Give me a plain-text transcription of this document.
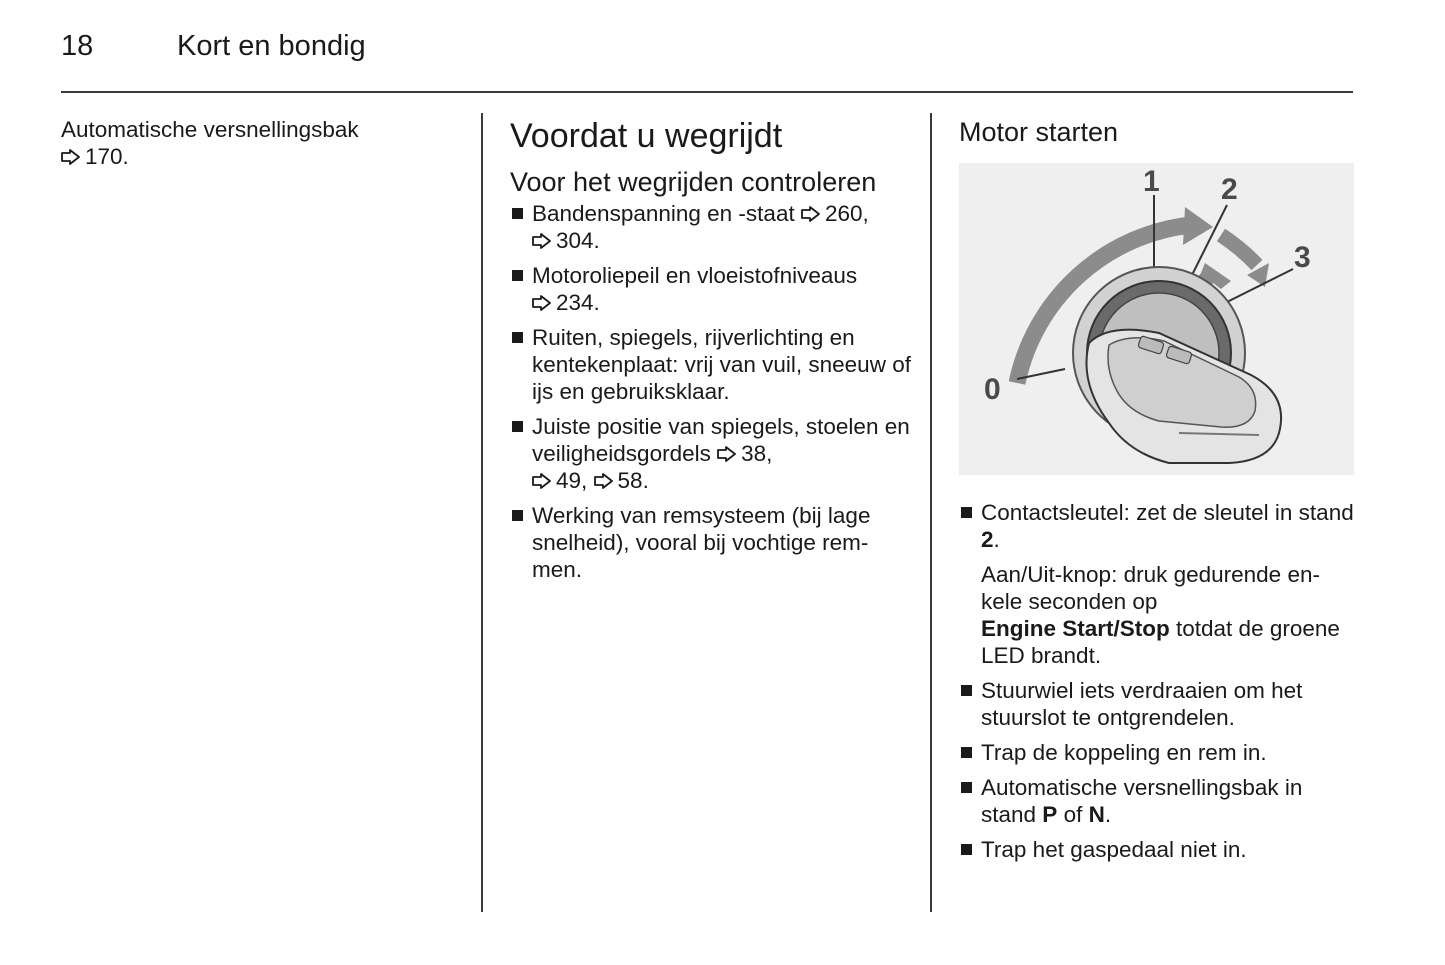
18	Kort en bondig
Automatische versnellingsbak
170.
Voordat u wegrijdt
Voor het wegrijden controleren
Bandenspanning en -staat 260,
304.
Motoroliepeil en vloeistofniveaus
234.
Ruiten, spiegels, rijverlichting en kentekenplaat: vrij van vuil, sneeuw of ijs en gebruiksklaar.
Juiste positie van spiegels, stoelen en veiligheidsgordels 38,
49, 58.
Werking van remsysteem (bij lage snelheid), vooral bij vochtige rem-men.
Motor starten
0
1 2
3
Contactsleutel: zet de sleutel in stand 2.
Aan/Uit-knop: druk gedurende en-kele seconden op
Engine Start/Stop totdat de groene LED brandt.
Stuurwiel iets verdraaien om het stuurslot te ontgrendelen.
Trap de koppeling en rem in.
Automatische versnellingsbak in stand P of N.
Trap het gaspedaal niet in.
